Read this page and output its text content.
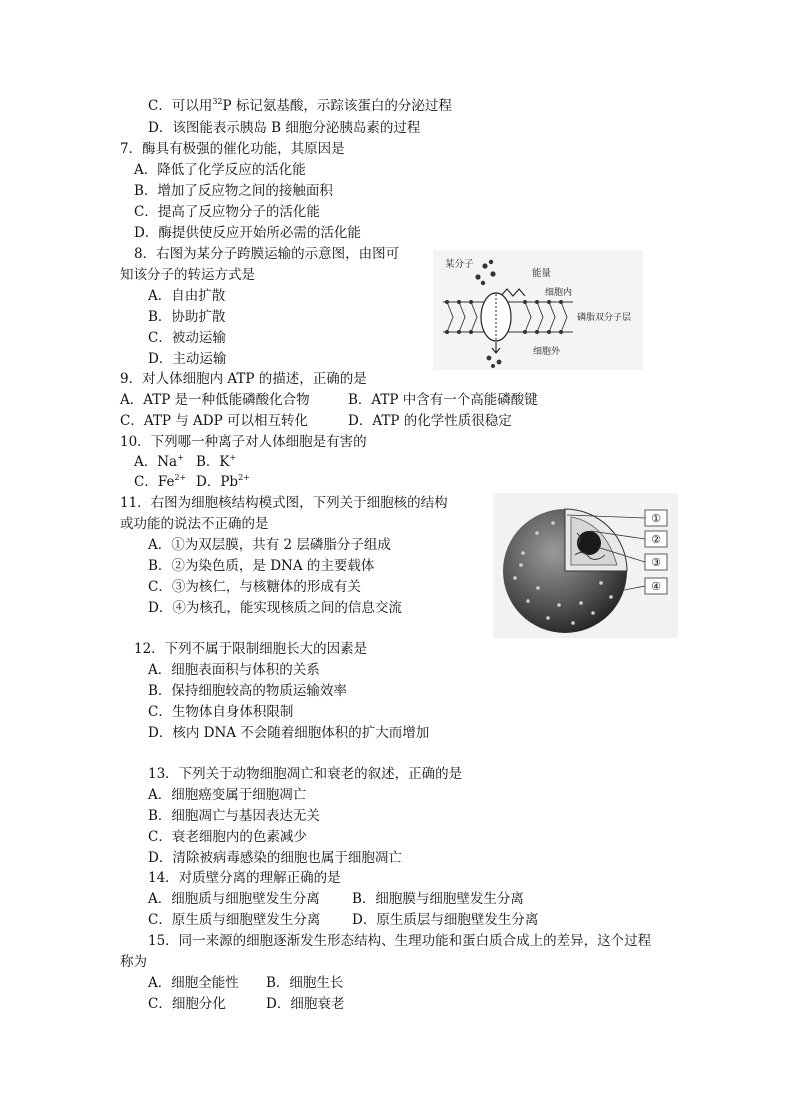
C．可以用$^{32}$P 标记氨基酸，示踪该蛋白的分泌过程
D．该图能表示胰岛 B 细胞分泌胰岛素的过程
7．酶具有极强的催化功能，其原因是
A．降低了化学反应的活化能
B．增加了反应物之间的接触面积
C．提高了反应物分子的活化能
D．酶提供使反应开始所必需的活化能
8．右图为某分子跨膜运输的示意图，由图可
知该分子的转运方式是
A．自由扩散
B．协助扩散
C．被动运输
D．主动运输
某分子
能量
细胞内
磷脂双分子层
细胞外
9．对人体细胞内 ATP 的描述，正确的是
A．ATP 是一种低能磷酸化合物	B．ATP 中含有一个高能磷酸键
C．ATP 与 ADP 可以相互转化	D．ATP 的化学性质很稳定
10．下列哪一种离子对人体细胞是有害的
A．Na+ B．K+
C．$Fe^{2+}$ D．$Pb^{2+}$
11．右图为细胞核结构模式图，下列关于细胞核的结构
或功能的说法不正确的是
A．①为双层膜，共有 2 层磷脂分子组成
B．②为染色质，是 DNA 的主要载体
C．③为核仁，与核糖体的形成有关
D．④为核孔，能实现核质之间的信息交流
①
②
③
④
12．下列不属于限制细胞长大的因素是
A．细胞表面积与体积的关系
B．保持细胞较高的物质运输效率
C．生物体自身体积限制
D．核内 DNA 不会随着细胞体积的扩大而增加
13．下列关于动物细胞凋亡和衰老的叙述，正确的是
A．细胞癌变属于细胞凋亡
B．细胞凋亡与基因表达无关
C．衰老细胞内的色素减少
D．清除被病毒感染的细胞也属于细胞凋亡
14．对质壁分离的理解正确的是
A．细胞质与细胞壁发生分离 B．细胞膜与细胞壁发生分离
C．原生质与细胞壁发生分离 D．原生质层与细胞壁发生分离
15．同一来源的细胞逐渐发生形态结构、生理功能和蛋白质合成上的差异，这个过程
称为
A．细胞全能性 B．细胞生长
C．细胞分化	D．细胞衰老
